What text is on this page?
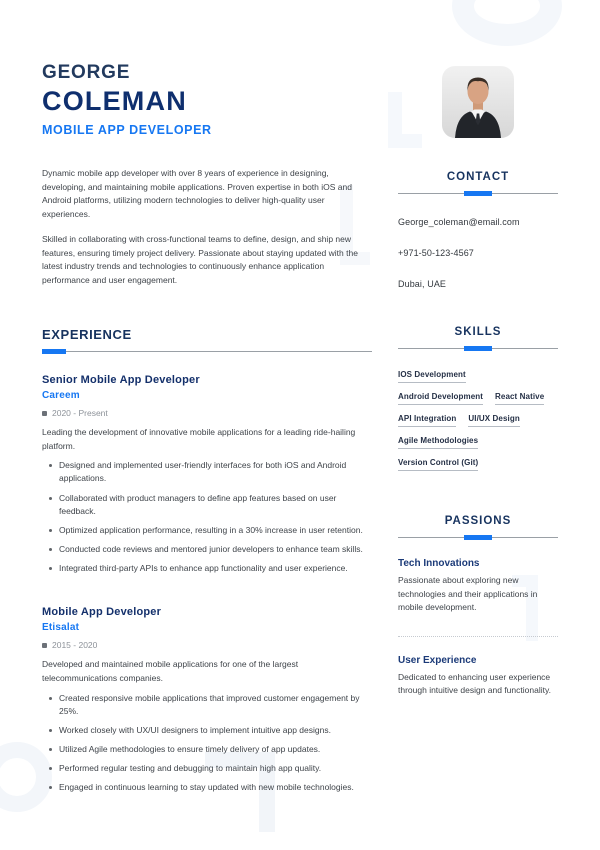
GEORGE
COLEMAN
MOBILE APP DEVELOPER

Dynamic mobile app developer with over 8 years of experience in designing, developing, and maintaining mobile applications. Proven expertise in both iOS and Android platforms, utilizing modern technologies to deliver high-quality user experiences.

Skilled in collaborating with cross-functional teams to define, design, and ship new features, ensuring timely project delivery. Passionate about staying updated with the latest industry trends and technologies to continuously enhance application performance and user engagement.

EXPERIENCE
Senior Mobile App Developer
Careem
2020 - Present
Leading the development of innovative mobile applications for a leading ride-hailing platform.
Designed and implemented user-friendly interfaces for both iOS and Android applications.
Collaborated with product managers to define app features based on user feedback.
Optimized application performance, resulting in a 30% increase in user retention.
Conducted code reviews and mentored junior developers to enhance team skills.
Integrated third-party APIs to enhance app functionality and user experience.
Mobile App Developer
Etisalat
2015 - 2020
Developed and maintained mobile applications for one of the largest telecommunications companies.
Created responsive mobile applications that improved customer engagement by 25%.
Worked closely with UX/UI designers to implement intuitive app designs.
Utilized Agile methodologies to ensure timely delivery of app updates.
Performed regular testing and debugging to maintain high app quality.
Engaged in continuous learning to stay updated with new mobile technologies.
CONTACT
George_coleman@email.com
+971-50-123-4567
Dubai, UAE
SKILLS
IOS Development
Android Development React Native
API Integration UI/UX Design
Agile Methodologies
Version Control (Git)
PASSIONS
Tech Innovations
Passionate about exploring new technologies and their applications in mobile development.
User Experience
Dedicated to enhancing user experience through intuitive design and functionality.
